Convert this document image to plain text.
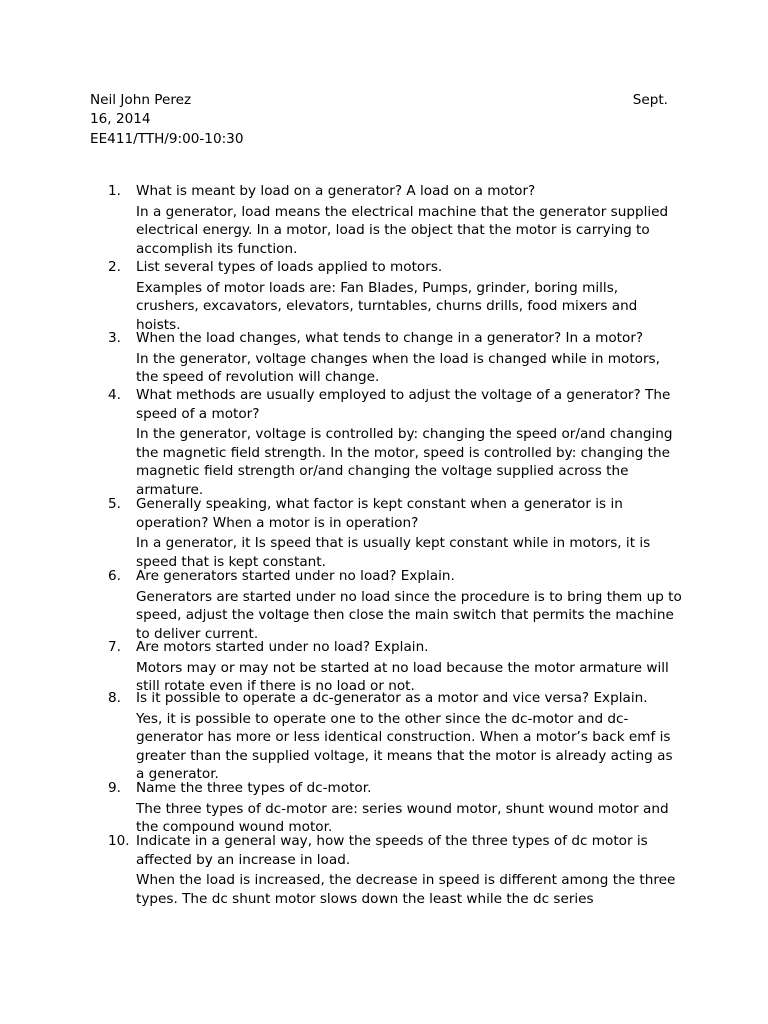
Neil John Perez	Sept.
16, 2014
EE411/TTH/9:00-10:30
1.	What is meant by load on a generator? A load on a motor?
In a generator, load means the electrical machine that the generator supplied electrical energy. In a motor, load is the object that the motor is carrying to accomplish its function.
2.	List several types of loads applied to motors.
Examples of motor loads are: Fan Blades, Pumps, grinder, boring mills, crushers, excavators, elevators, turntables, churns drills, food mixers and hoists.
3.	When the load changes, what tends to change in a generator? In a motor?
In the generator, voltage changes when the load is changed while in motors, the speed of revolution will change.
4.	What methods are usually employed to adjust the voltage of a generator? The speed of a motor?
In the generator, voltage is controlled by: changing the speed or/and changing the magnetic field strength. In the motor, speed is controlled by: changing the magnetic field strength or/and changing the voltage supplied across the armature.
5.	Generally speaking, what factor is kept constant when a generator is in operation? When a motor is in operation?
In a generator, it Is speed that is usually kept constant while in motors, it is speed that is kept constant.
6.	Are generators started under no load? Explain.
Generators are started under no load since the procedure is to bring them up to speed, adjust the voltage then close the main switch that permits the machine to deliver current.
7.	Are motors started under no load? Explain.
Motors may or may not be started at no load because the motor armature will still rotate even if there is no load or not.
8.	Is it possible to operate a dc-generator as a motor and vice versa? Explain.
Yes, it is possible to operate one to the other since the dc-motor and dc-generator has more or less identical construction. When a motor’s back emf is greater than the supplied voltage, it means that the motor is already acting as a generator.
9.	Name the three types of dc-motor.
The three types of dc-motor are: series wound motor, shunt wound motor and the compound wound motor.
10. Indicate in a general way, how the speeds of the three types of dc motor is affected by an increase in load.
When the load is increased, the decrease in speed is different among the three types. The dc shunt motor slows down the least while the dc series
